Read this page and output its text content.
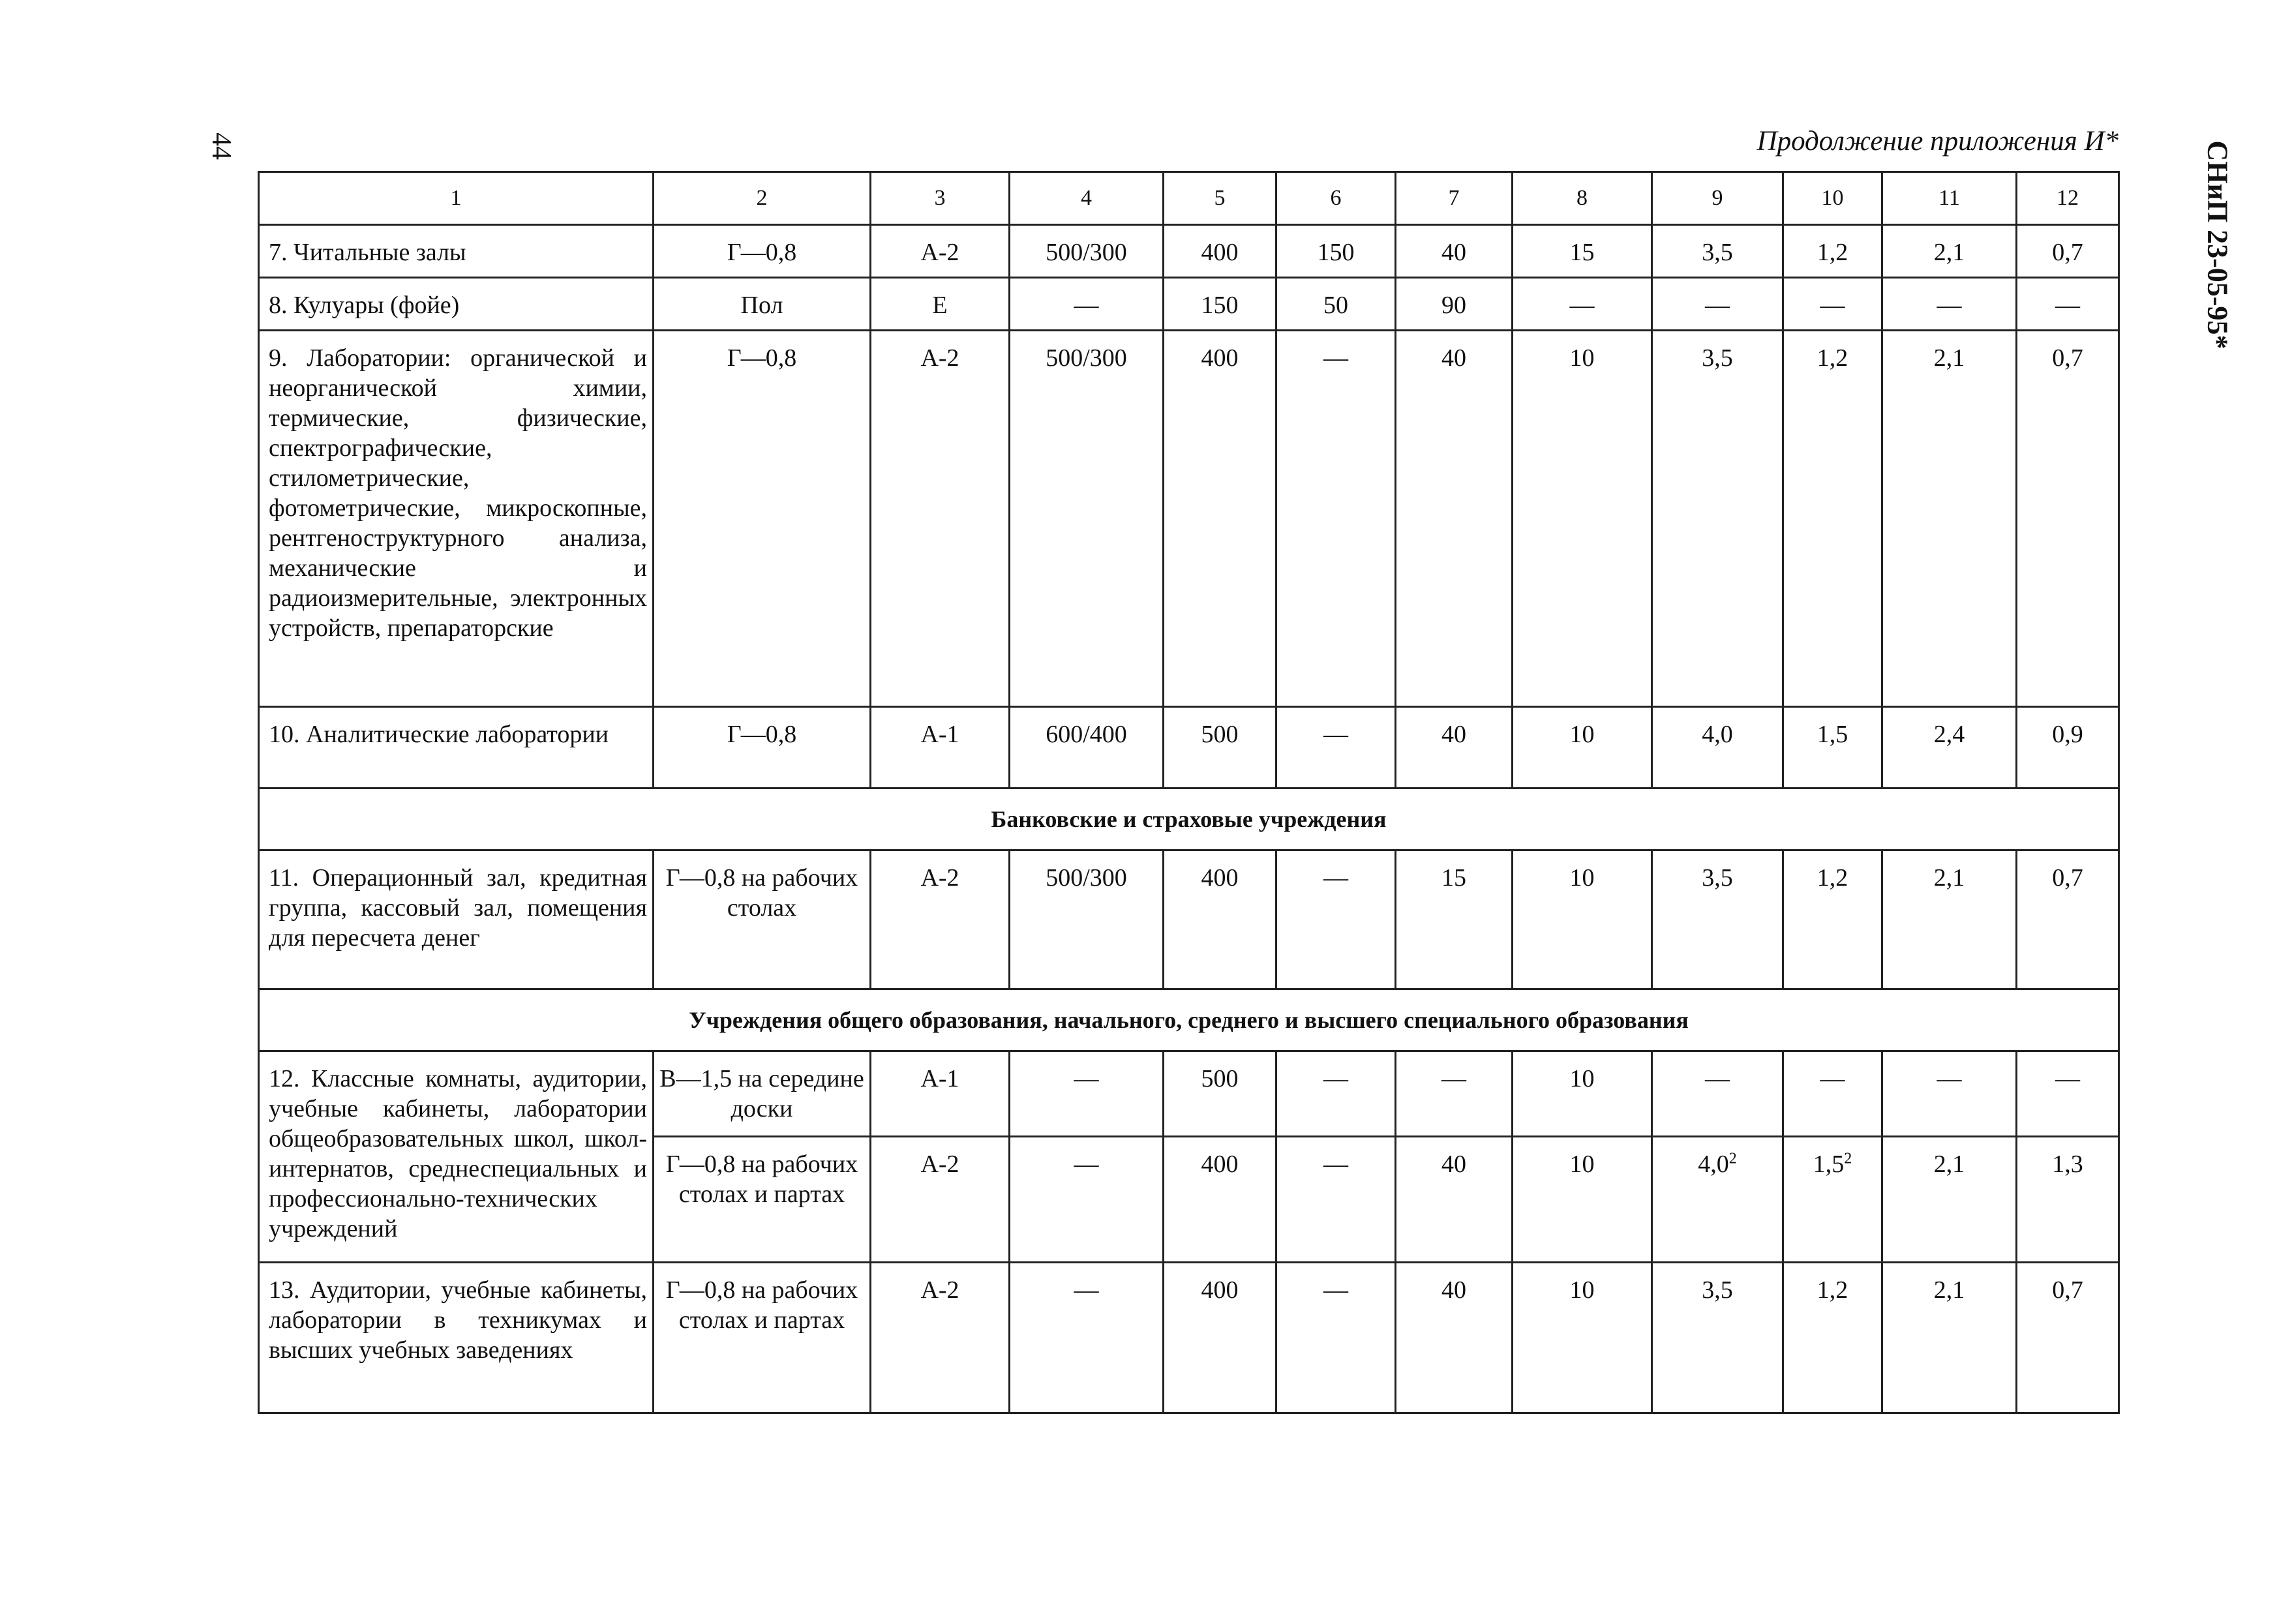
44	СНиП 23-05-95*
Продолжение приложения И*
1	2	3	4	5	6	7	8	9	10	11	12
7. Читальные залы	Г—0,8	А-2	500/300	400	150	40	15	3,5	1,2	2,1	0,7
8. Кулуары (фойе)	Пол	Е	—	150	50	90	—	—	—	—	—
9. Лаборатории: органической и неорганической химии, термические, физические, спектрографические, стилометрические, фотометрические, микроскопные, рентгеноструктурного анализа, механические и радиоизмерительные, электронных устройств, препараторские	Г—0,8	А-2	500/300	400	—	40	10	3,5	1,2	2,1	0,7
10. Аналитические лаборатории	Г—0,8	А-1	600/400	500	—	40	10	4,0	1,5	2,4	0,9
Банковские и страховые учреждения											
11. Операционный зал, кредитная группа, кассовый зал, помещения для пересчета денег	Г—0,8 на рабочих столах	А-2	500/300	400	—	15	10	3,5	1,2	2,1	0,7
Учреждения общего образования, начального, среднего и высшего специального образования											
12. Классные комнаты, аудитории, учебные кабинеты, лаборатории общеобразовательных школ, школ-интернатов, среднеспециальных и профессионально-технических учреждений	В—1,5 на середине доски	А-1	—	500	—	—	10	—	—	—	—
	Г—0,8 на рабочих столах и партах	А-2	—	400	—	40	10	$4,0^2$	$1,5^2$	2,1	1,3
13. Аудитории, учебные кабинеты, лаборатории в техникумах и высших учебных заведениях	Г—0,8 на рабочих столах и партах	А-2	—	400	—	40	10	3,5	1,2	2,1	0,7
